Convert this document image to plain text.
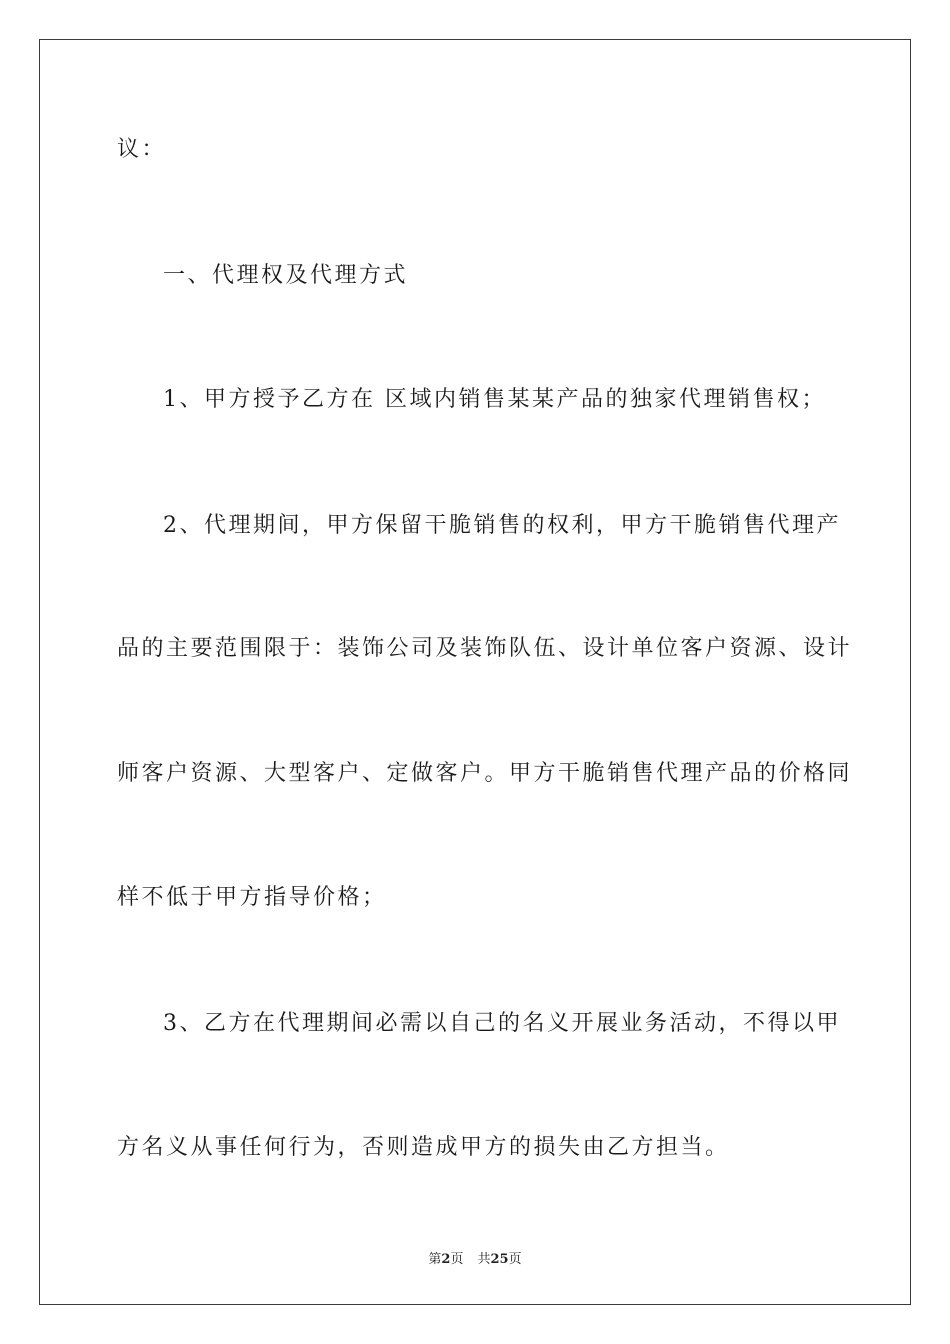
议：
一、代理权及代理方式
1、甲方授予乙方在 区域内销售某某产品的独家代理销售权；
2、代理期间，甲方保留干脆销售的权利，甲方干脆销售代理产
品的主要范围限于：装饰公司及装饰队伍、设计单位客户资源、设计
师客户资源、大型客户、定做客户。甲方干脆销售代理产品的价格同
样不低于甲方指导价格；
3、乙方在代理期间必需以自己的名义开展业务活动，不得以甲
方名义从事任何行为，否则造成甲方的损失由乙方担当。
第2页 共25页
